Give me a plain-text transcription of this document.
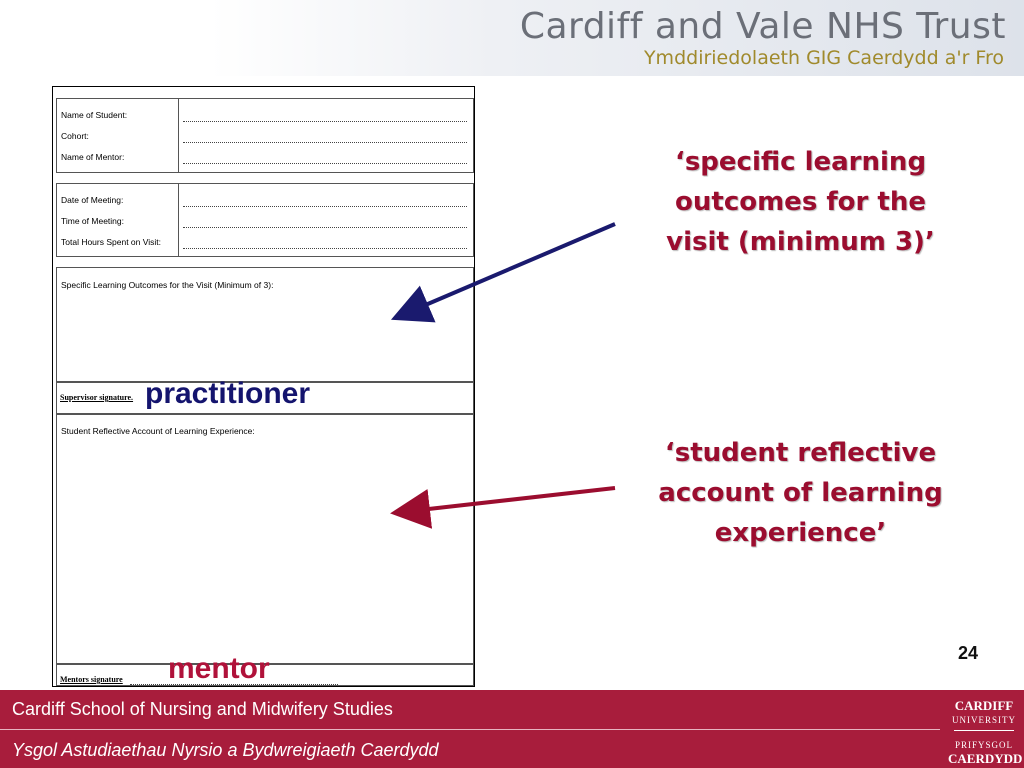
Cardiff and Vale NHS Trust
Ymddiriedolaeth GIG Caerdydd a'r Fro
Name of Student:
Cohort:
Name of Mentor:
Date of Meeting:
Time of Meeting:
Total Hours Spent on Visit:
Specific Learning Outcomes for the Visit (Minimum of 3):
Supervisor signature.
Student Reflective Account of Learning Experience:
Mentors signature
practitioner
mentor
‘specific learning
outcomes for the
visit (minimum 3)’
‘student reflective
account of learning
experience’
24
Cardiff School of Nursing and Midwifery Studies
Ysgol Astudiaethau Nyrsio a Bydwreigiaeth Caerdydd
CARDIFF
UNIVERSITY
PRIFYSGOL
CAERDYDD
